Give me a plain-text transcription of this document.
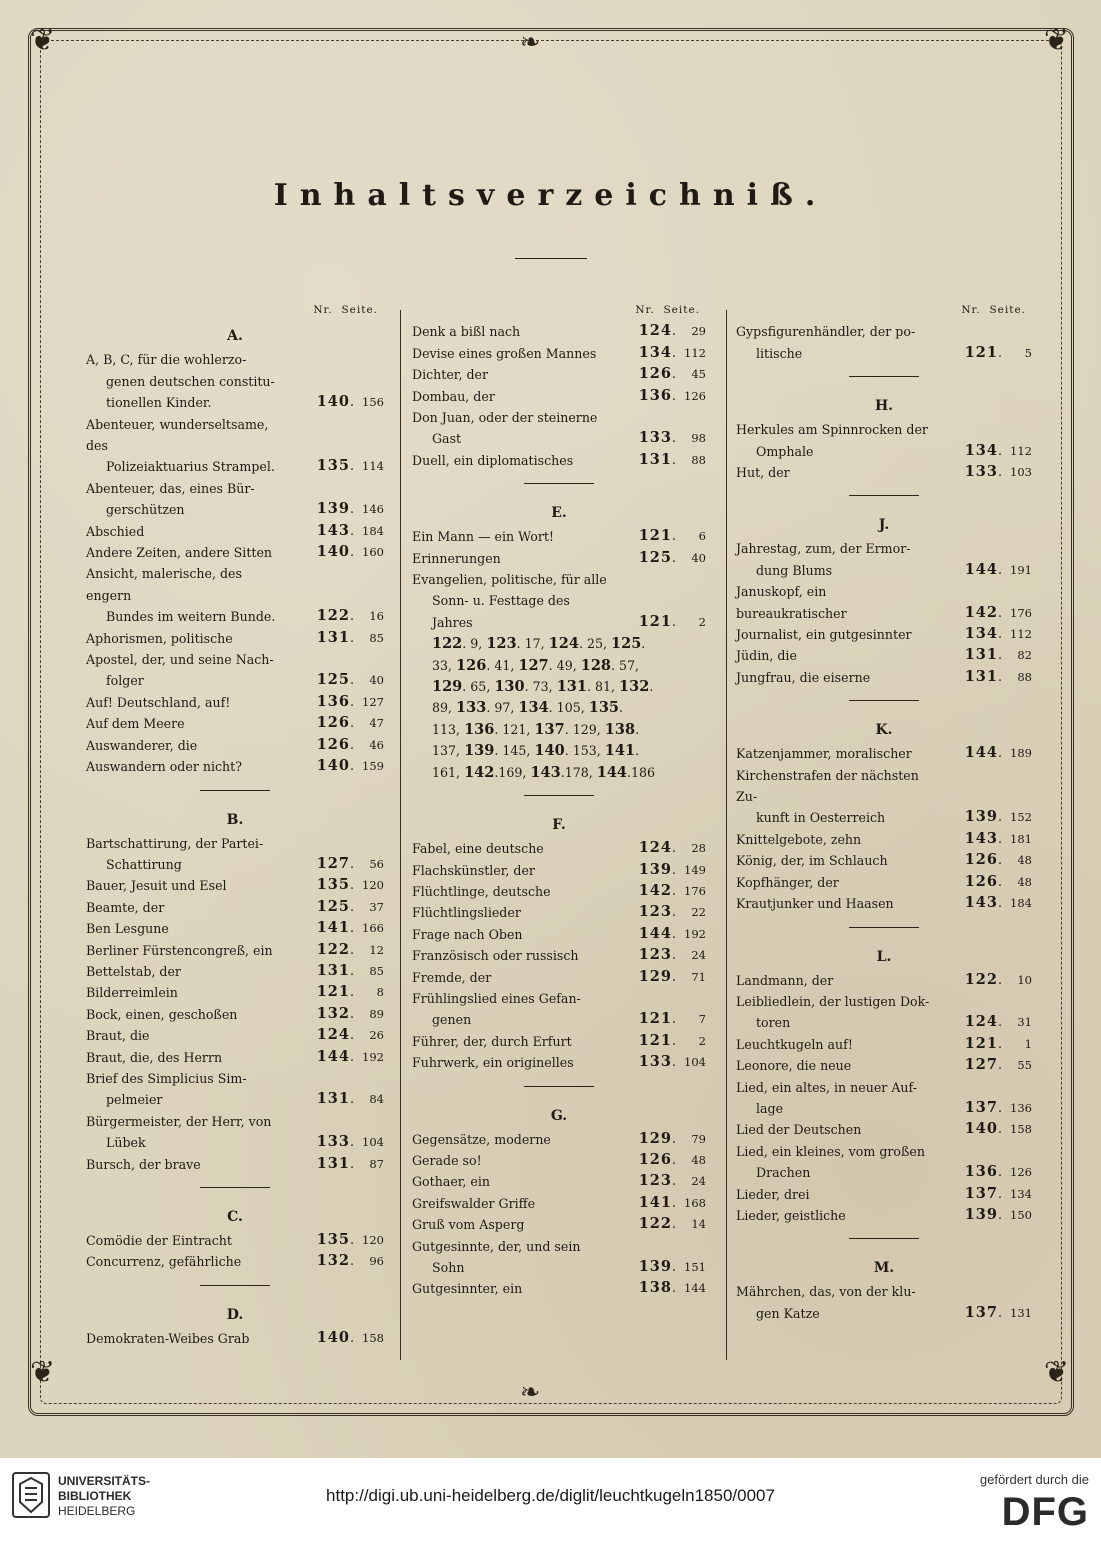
❦	❦
❦	❦
❧
❧
Inhaltsverzeichniß.
Nr. Seite.
A.
A, B, C, für die wohlerzo-
genen deutschen constitu-
tionellen Kinder.	140. 156
Abenteuer, wunderseltsame, des
Polizeiaktuarius Strampel.	135. 114
Abenteuer, das, eines Bür-
gerschützen	139. 146
Abschied	143. 184
Andere Zeiten, andere Sitten	140. 160
Ansicht, malerische, des engern
Bundes im weitern Bunde.	122. 16
Aphorismen, politische	131. 85
Apostel, der, und seine Nach-
folger	125. 40
Auf! Deutschland, auf!	136. 127
Auf dem Meere	126. 47
Auswanderer, die	126. 46
Auswandern oder nicht?	140. 159
B.
Bartschattirung, der Partei-
Schattirung	127. 56
Bauer, Jesuit und Esel	135. 120
Beamte, der	125. 37
Ben Lesgune	141. 166
Berliner Fürstencongreß, ein	122. 12
Bettelstab, der	131. 85
Bilderreimlein	121. 8
Bock, einen, geschoßen	132. 89
Braut, die	124. 26
Braut, die, des Herrn	144. 192
Brief des Simplicius Sim-
pelmeier	131. 84
Bürgermeister, der Herr, von
Lübek	133. 104
Bursch, der brave	131. 87
C.
Comödie der Eintracht	135. 120
Concurrenz, gefährliche	132. 96
D.
Demokraten-Weibes Grab	140. 158
Nr. Seite.
Denk a bißl nach	124. 29
Devise eines großen Mannes	134. 112
Dichter, der	126. 45
Dombau, der	136. 126
Don Juan, oder der steinerne
Gast	133. 98
Duell, ein diplomatisches	131. 88
E.
Ein Mann — ein Wort!	121. 6
Erinnerungen	125. 40
Evangelien, politische, für alle
Sonn- u. Festtage des Jahres	121. 2
122. 9, 123. 17, 124. 25, 125.
33, 126. 41, 127. 49, 128. 57,
129. 65, 130. 73, 131. 81, 132.
89, 133. 97, 134. 105, 135.
113, 136. 121, 137. 129, 138.
137, 139. 145, 140. 153, 141.
161, 142.169, 143.178, 144.186
F.
Fabel, eine deutsche	124. 28
Flachskünstler, der	139. 149
Flüchtlinge, deutsche	142. 176
Flüchtlingslieder	123. 22
Frage nach Oben	144. 192
Französisch oder russisch	123. 24
Fremde, der	129. 71
Frühlingslied eines Gefan-
genen	121. 7
Führer, der, durch Erfurt	121. 2
Fuhrwerk, ein originelles	133. 104
G.
Gegensätze, moderne	129. 79
Gerade so!	126. 48
Gothaer, ein	123. 24
Greifswalder Griffe	141. 168
Gruß vom Asperg	122. 14
Gutgesinnte, der, und sein
Sohn	139. 151
Gutgesinnter, ein	138. 144
Nr. Seite.
Gypsfigurenhändler, der po-
litische	121. 5
H.
Herkules am Spinnrocken der
Omphale	134. 112
Hut, der	133. 103
J.
Jahrestag, zum, der Ermor-
dung Blums	144. 191
Januskopf, ein bureaukratischer	142. 176
Journalist, ein gutgesinnter	134. 112
Jüdin, die	131. 82
Jungfrau, die eiserne	131. 88
K.
Katzenjammer, moralischer	144. 189
Kirchenstrafen der nächsten Zu-
kunft in Oesterreich	139. 152
Knittelgebote, zehn	143. 181
König, der, im Schlauch	126. 48
Kopfhänger, der	126. 48
Krautjunker und Haasen	143. 184
L.
Landmann, der	122. 10
Leibliedlein, der lustigen Dok-
toren	124. 31
Leuchtkugeln auf!	121. 1
Leonore, die neue	127. 55
Lied, ein altes, in neuer Auf-
lage	137. 136
Lied der Deutschen	140. 158
Lied, ein kleines, vom großen
Drachen	136. 126
Lieder, drei	137. 134
Lieder, geistliche	139. 150
M.
Mährchen, das, von der klu-
gen Katze	137. 131
UNIVERSITÄTS-
BIBLIOTHEK
HEIDELBERG
http://digi.ub.uni-heidelberg.de/diglit/leuchtkugeln1850/0007
gefördert durch die
DFG
